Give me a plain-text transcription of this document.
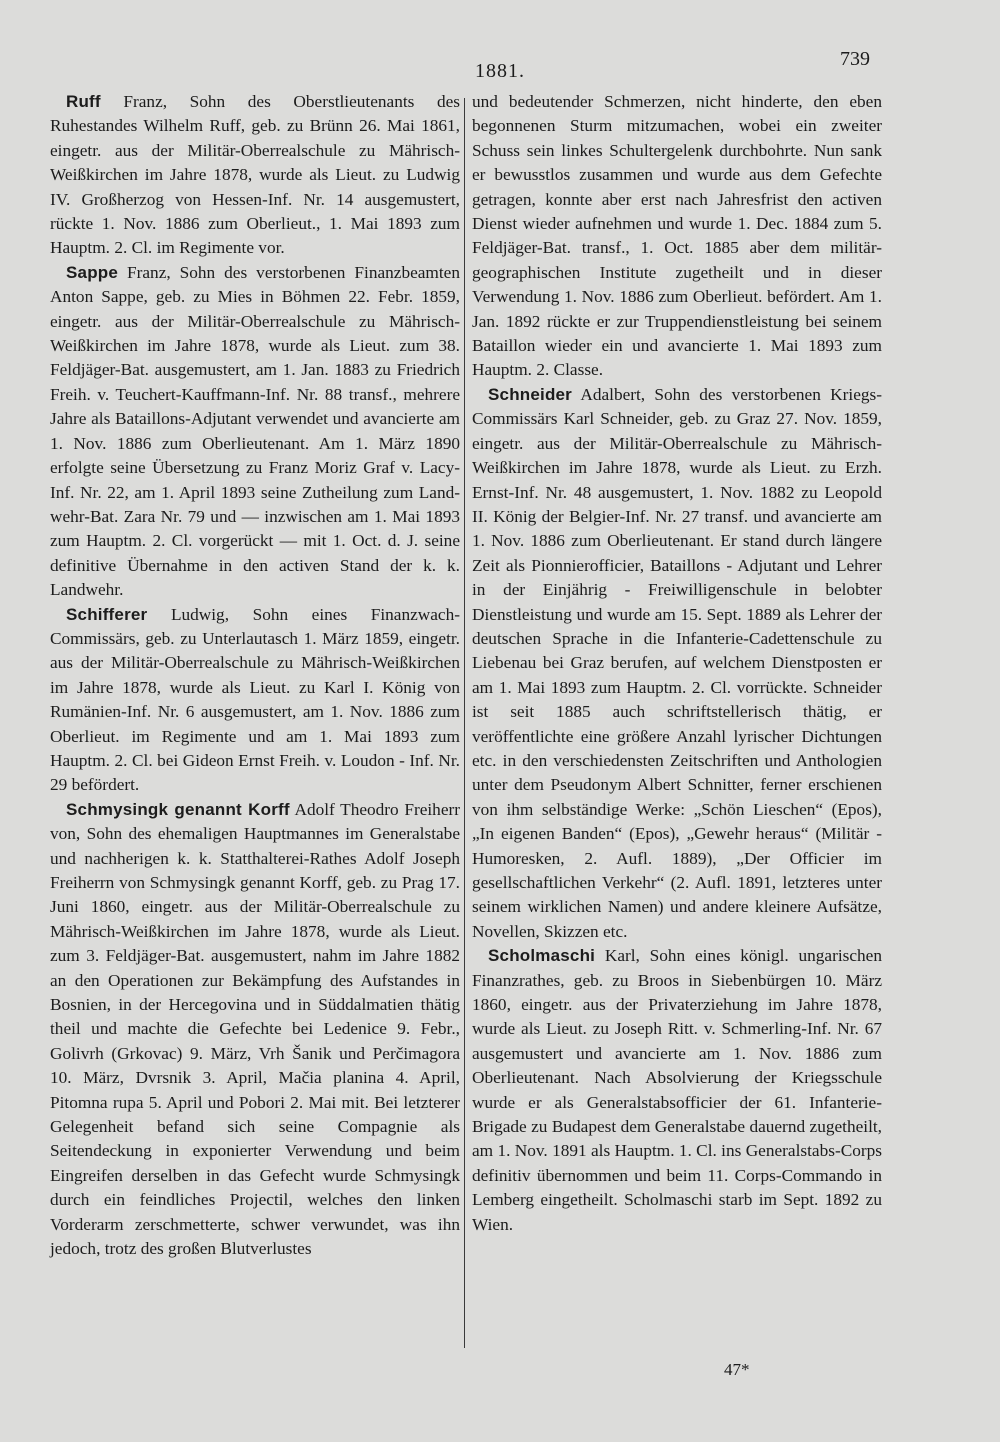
1881.
739

Ruff Franz, Sohn des Oberstlieutenants des Ruhestandes Wilhelm Ruff, geb. zu Brünn 26. Mai 1861, eingetr. aus der Militär-Oberrealschule zu Mährisch-Weißkirchen im Jahre 1878, wurde als Lieut. zu Ludwig IV. Großherzog von Hessen-Inf. Nr. 14 ausgemustert, rückte 1. Nov. 1886 zum Oberlieut., 1. Mai 1893 zum Hauptm. 2. Cl. im Regimente vor.

Sappe Franz, Sohn des verstorbenen Finanzbeamten Anton Sappe, geb. zu Mies in Böhmen 22. Febr. 1859, eingetr. aus der Militär-Oberrealschule zu Mährisch-Weißkirchen im Jahre 1878, wurde als Lieut. zum 38. Feldjäger-Bat. ausgemustert, am 1. Jan. 1883 zu Friedrich Freih. v. Teuchert-Kauffmann-Inf. Nr. 88 transf., mehrere Jahre als Bataillons-Adjutant verwendet und avancierte am 1. Nov. 1886 zum Oberlieutenant. Am 1. März 1890 erfolgte seine Übersetzung zu Franz Moriz Graf v. Lacy-Inf. Nr. 22, am 1. April 1893 seine Zutheilung zum Landwehr-Bat. Zara Nr. 79 und — inzwischen am 1. Mai 1893 zum Hauptm. 2. Cl. vorgerückt — mit 1. Oct. d. J. seine definitive Übernahme in den activen Stand der k. k. Landwehr.

Schifferer Ludwig, Sohn eines Finanzwach-Commissärs, geb. zu Unterlautasch 1. März 1859, eingetr. aus der Militär-Oberrealschule zu Mährisch-Weißkirchen im Jahre 1878, wurde als Lieut. zu Karl I. König von Rumänien-Inf. Nr. 6 ausgemustert, am 1. Nov. 1886 zum Oberlieut. im Regimente und am 1. Mai 1893 zum Hauptm. 2. Cl. bei Gideon Ernst Freih. v. Loudon - Inf. Nr. 29 befördert.

Schmysingk genannt Korff Adolf Theodro Freiherr von, Sohn des ehemaligen Hauptmannes im Generalstabe und nachherigen k. k. Statthalterei-Rathes Adolf Joseph Freiherrn von Schmysingk genannt Korff, geb. zu Prag 17. Juni 1860, eingetr. aus der Militär-Oberrealschule zu Mährisch-Weißkirchen im Jahre 1878, wurde als Lieut. zum 3. Feldjäger-Bat. ausgemustert, nahm im Jahre 1882 an den Operationen zur Bekämpfung des Aufstandes in Bosnien, in der Hercegovina und in Süddalmatien thätig theil und machte die Gefechte bei Ledenice 9. Febr., Golivrh (Grkovac) 9. März, Vrh Šanik und Perčimagora 10. März, Dvrsnik 3. April, Mačia planina 4. April, Pitomna rupa 5. April und Pobori 2. Mai mit. Bei letzterer Gelegenheit befand sich seine Compagnie als Seitendeckung in exponierter Verwendung und beim Eingreifen derselben in das Gefecht wurde Schmysingk durch ein feindliches Projectil, welches den linken Vorderarm zerschmetterte, schwer verwundet, was ihn jedoch, trotz des großen Blutverlustes

und bedeutender Schmerzen, nicht hinderte, den eben begonnenen Sturm mitzumachen, wobei ein zweiter Schuss sein linkes Schultergelenk durchbohrte. Nun sank er bewusstlos zusammen und wurde aus dem Gefechte getragen, konnte aber erst nach Jahresfrist den activen Dienst wieder aufnehmen und wurde 1. Dec. 1884 zum 5. Feldjäger-Bat. transf., 1. Oct. 1885 aber dem militär-geographischen Institute zugetheilt und in dieser Verwendung 1. Nov. 1886 zum Oberlieut. befördert. Am 1. Jan. 1892 rückte er zur Truppendienstleistung bei seinem Bataillon wieder ein und avancierte 1. Mai 1893 zum Hauptm. 2. Classe.

Schneider Adalbert, Sohn des verstorbenen Kriegs-Commissärs Karl Schneider, geb. zu Graz 27. Nov. 1859, eingetr. aus der Militär-Oberrealschule zu Mährisch-Weißkirchen im Jahre 1878, wurde als Lieut. zu Erzh. Ernst-Inf. Nr. 48 ausgemustert, 1. Nov. 1882 zu Leopold II. König der Belgier-Inf. Nr. 27 transf. und avancierte am 1. Nov. 1886 zum Oberlieutenant. Er stand durch längere Zeit als Pionnierofficier, Bataillons - Adjutant und Lehrer in der Einjährig - Freiwilligenschule in belobter Dienstleistung und wurde am 15. Sept. 1889 als Lehrer der deutschen Sprache in die Infanterie-Cadettenschule zu Liebenau bei Graz berufen, auf welchem Dienstposten er am 1. Mai 1893 zum Hauptm. 2. Cl. vorrückte. Schneider ist seit 1885 auch schriftstellerisch thätig, er veröffentlichte eine größere Anzahl lyrischer Dichtungen etc. in den verschiedensten Zeitschriften und Anthologien unter dem Pseudonym Albert Schnitter, ferner erschienen von ihm selbständige Werke: „Schön Lieschen“ (Epos), „In eigenen Banden“ (Epos), „Gewehr heraus“ (Militär - Humoresken, 2. Aufl. 1889), „Der Officier im gesellschaftlichen Verkehr“ (2. Aufl. 1891, letzteres unter seinem wirklichen Namen) und andere kleinere Aufsätze, Novellen, Skizzen etc.

Scholmaschi Karl, Sohn eines königl. ungarischen Finanzrathes, geb. zu Broos in Siebenbürgen 10. März 1860, eingetr. aus der Privaterziehung im Jahre 1878, wurde als Lieut. zu Joseph Ritt. v. Schmerling-Inf. Nr. 67 ausgemustert und avancierte am 1. Nov. 1886 zum Oberlieutenant. Nach Absolvierung der Kriegsschule wurde er als Generalstabsofficier der 61. Infanterie-Brigade zu Budapest dem Generalstabe dauernd zugetheilt, am 1. Nov. 1891 als Hauptm. 1. Cl. ins Generalstabs-Corps definitiv übernommen und beim 11. Corps-Commando in Lemberg eingetheilt. Scholmaschi starb im Sept. 1892 zu Wien.

47*
